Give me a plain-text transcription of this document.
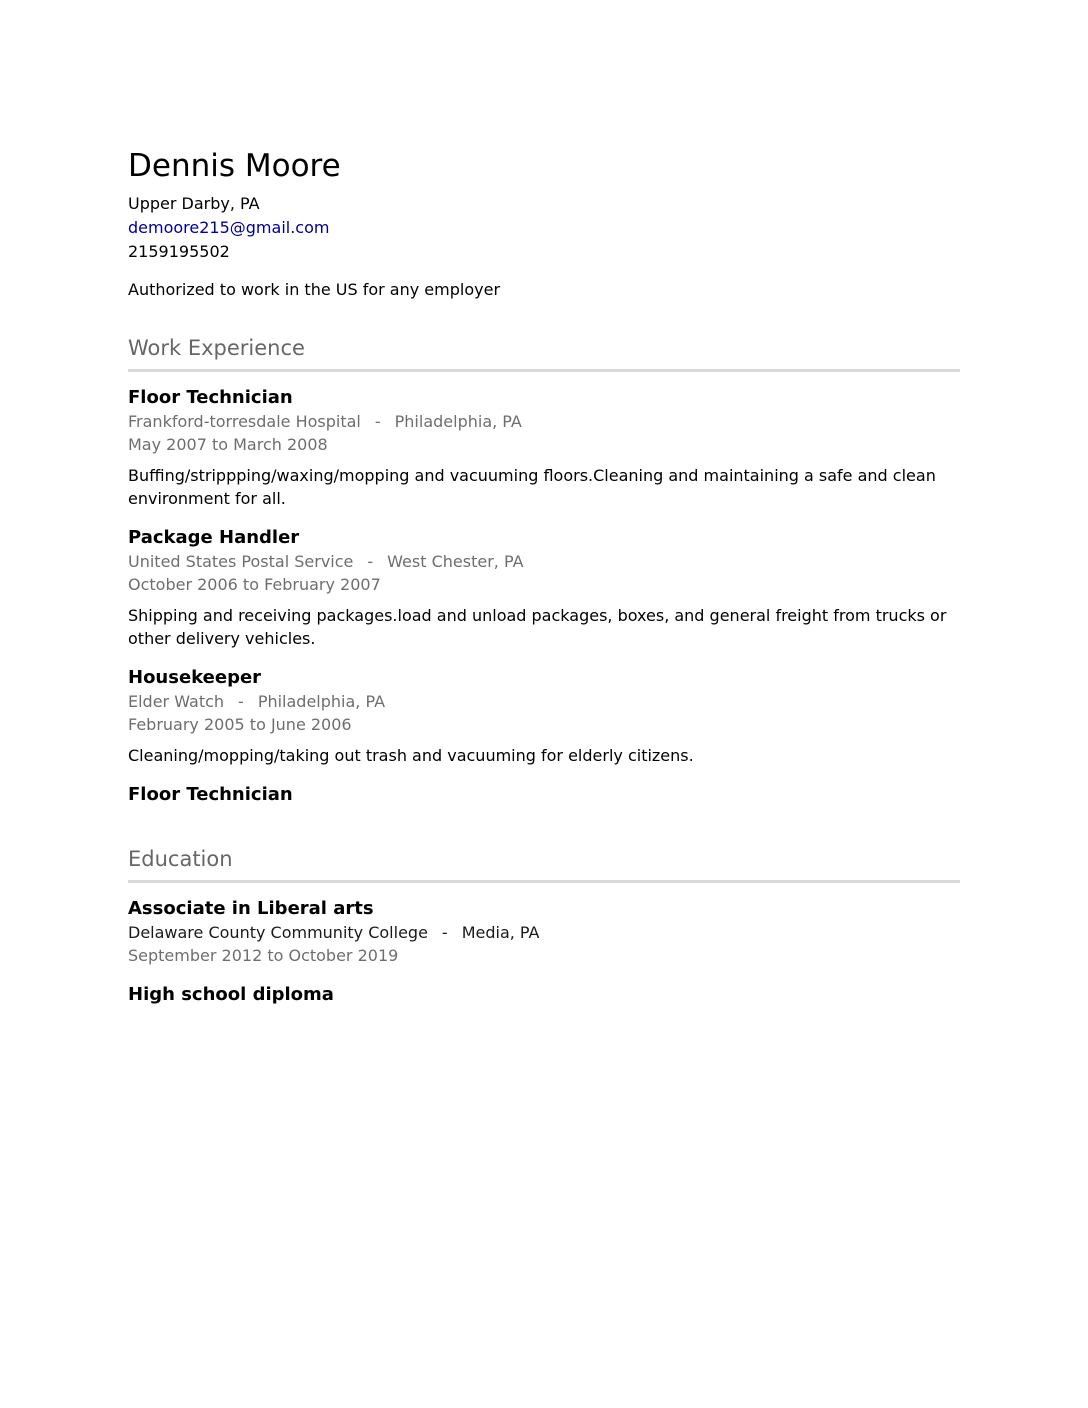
Dennis Moore
Upper Darby, PA
demoore215@gmail.com
2159195502
Authorized to work in the US for any employer
Work Experience
Floor Technician
Frankford-torresdale Hospital - Philadelphia, PA
May 2007 to March 2008
Buffing/strippping/waxing/mopping and vacuuming floors.Cleaning and maintaining a safe and clean environment for all.
Package Handler
United States Postal Service - West Chester, PA
October 2006 to February 2007
Shipping and receiving packages.load and unload packages, boxes, and general freight from trucks or other delivery vehicles.
Housekeeper
Elder Watch - Philadelphia, PA
February 2005 to June 2006
Cleaning/mopping/taking out trash and vacuuming for elderly citizens.
Floor Technician
Education
Associate in Liberal arts
Delaware County Community College - Media, PA
September 2012 to October 2019
High school diploma
